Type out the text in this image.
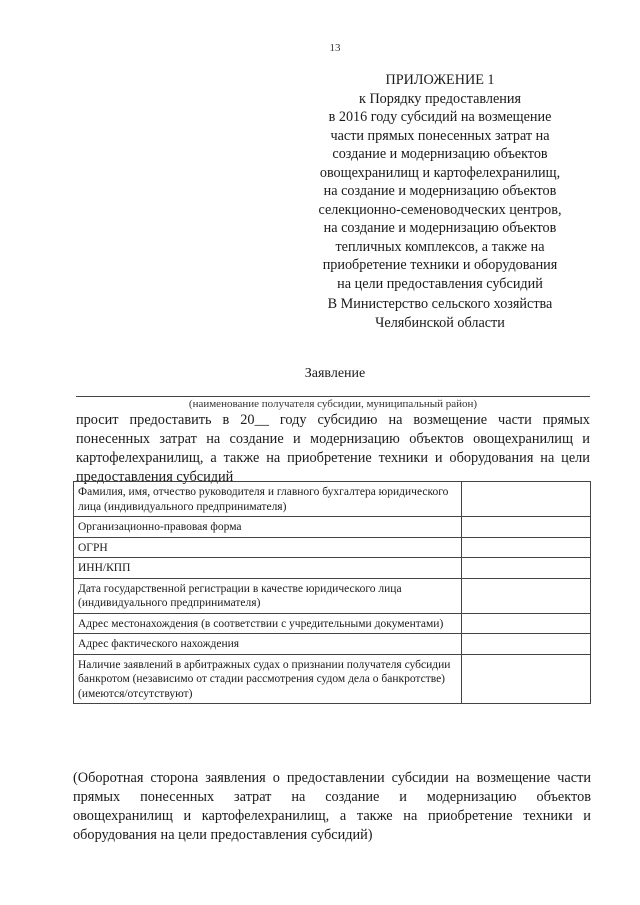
13
ПРИЛОЖЕНИЕ 1
к Порядку предоставления
в 2016 году субсидий на возмещение
части прямых понесенных затрат на
создание и модернизацию объектов
овощехранилищ и картофелехранилищ,
на создание и модернизацию объектов
селекционно-семеноводческих центров,
на создание и модернизацию объектов
тепличных комплексов, а также на
приобретение техники и оборудования
на цели предоставления субсидий
В Министерство сельского хозяйства
Челябинской области
Заявление
(наименование получателя субсидии, муниципальный район)
просит предоставить в 20__ году субсидию на возмещение части прямых
понесенных затрат на создание и модернизацию объектов овощехранилищ и
картофелехранилищ, а также на приобретение техники и оборудования на цели
предоставления субсидий
Фамилия, имя, отчество руководителя и главного бухгалтера юридического лица (индивидуального предпринимателя)	
Организационно-правовая форма	
ОГРН	
ИНН/КПП	
Дата государственной регистрации в качестве юридического лица (индивидуального предпринимателя)	
Адрес местонахождения (в соответствии с учредительными документами)	
Адрес фактического нахождения	
Наличие заявлений в арбитражных судах о признании получателя субсидии банкротом (независимо от стадии рассмотрения судом дела о банкротстве) (имеются/отсутствуют)	
(Оборотная сторона заявления о предоставлении субсидии на возмещение части
прямых понесенных затрат на создание и модернизацию объектов
овощехранилищ и картофелехранилищ, а также на приобретение техники и
оборудования на цели предоставления субсидий)
